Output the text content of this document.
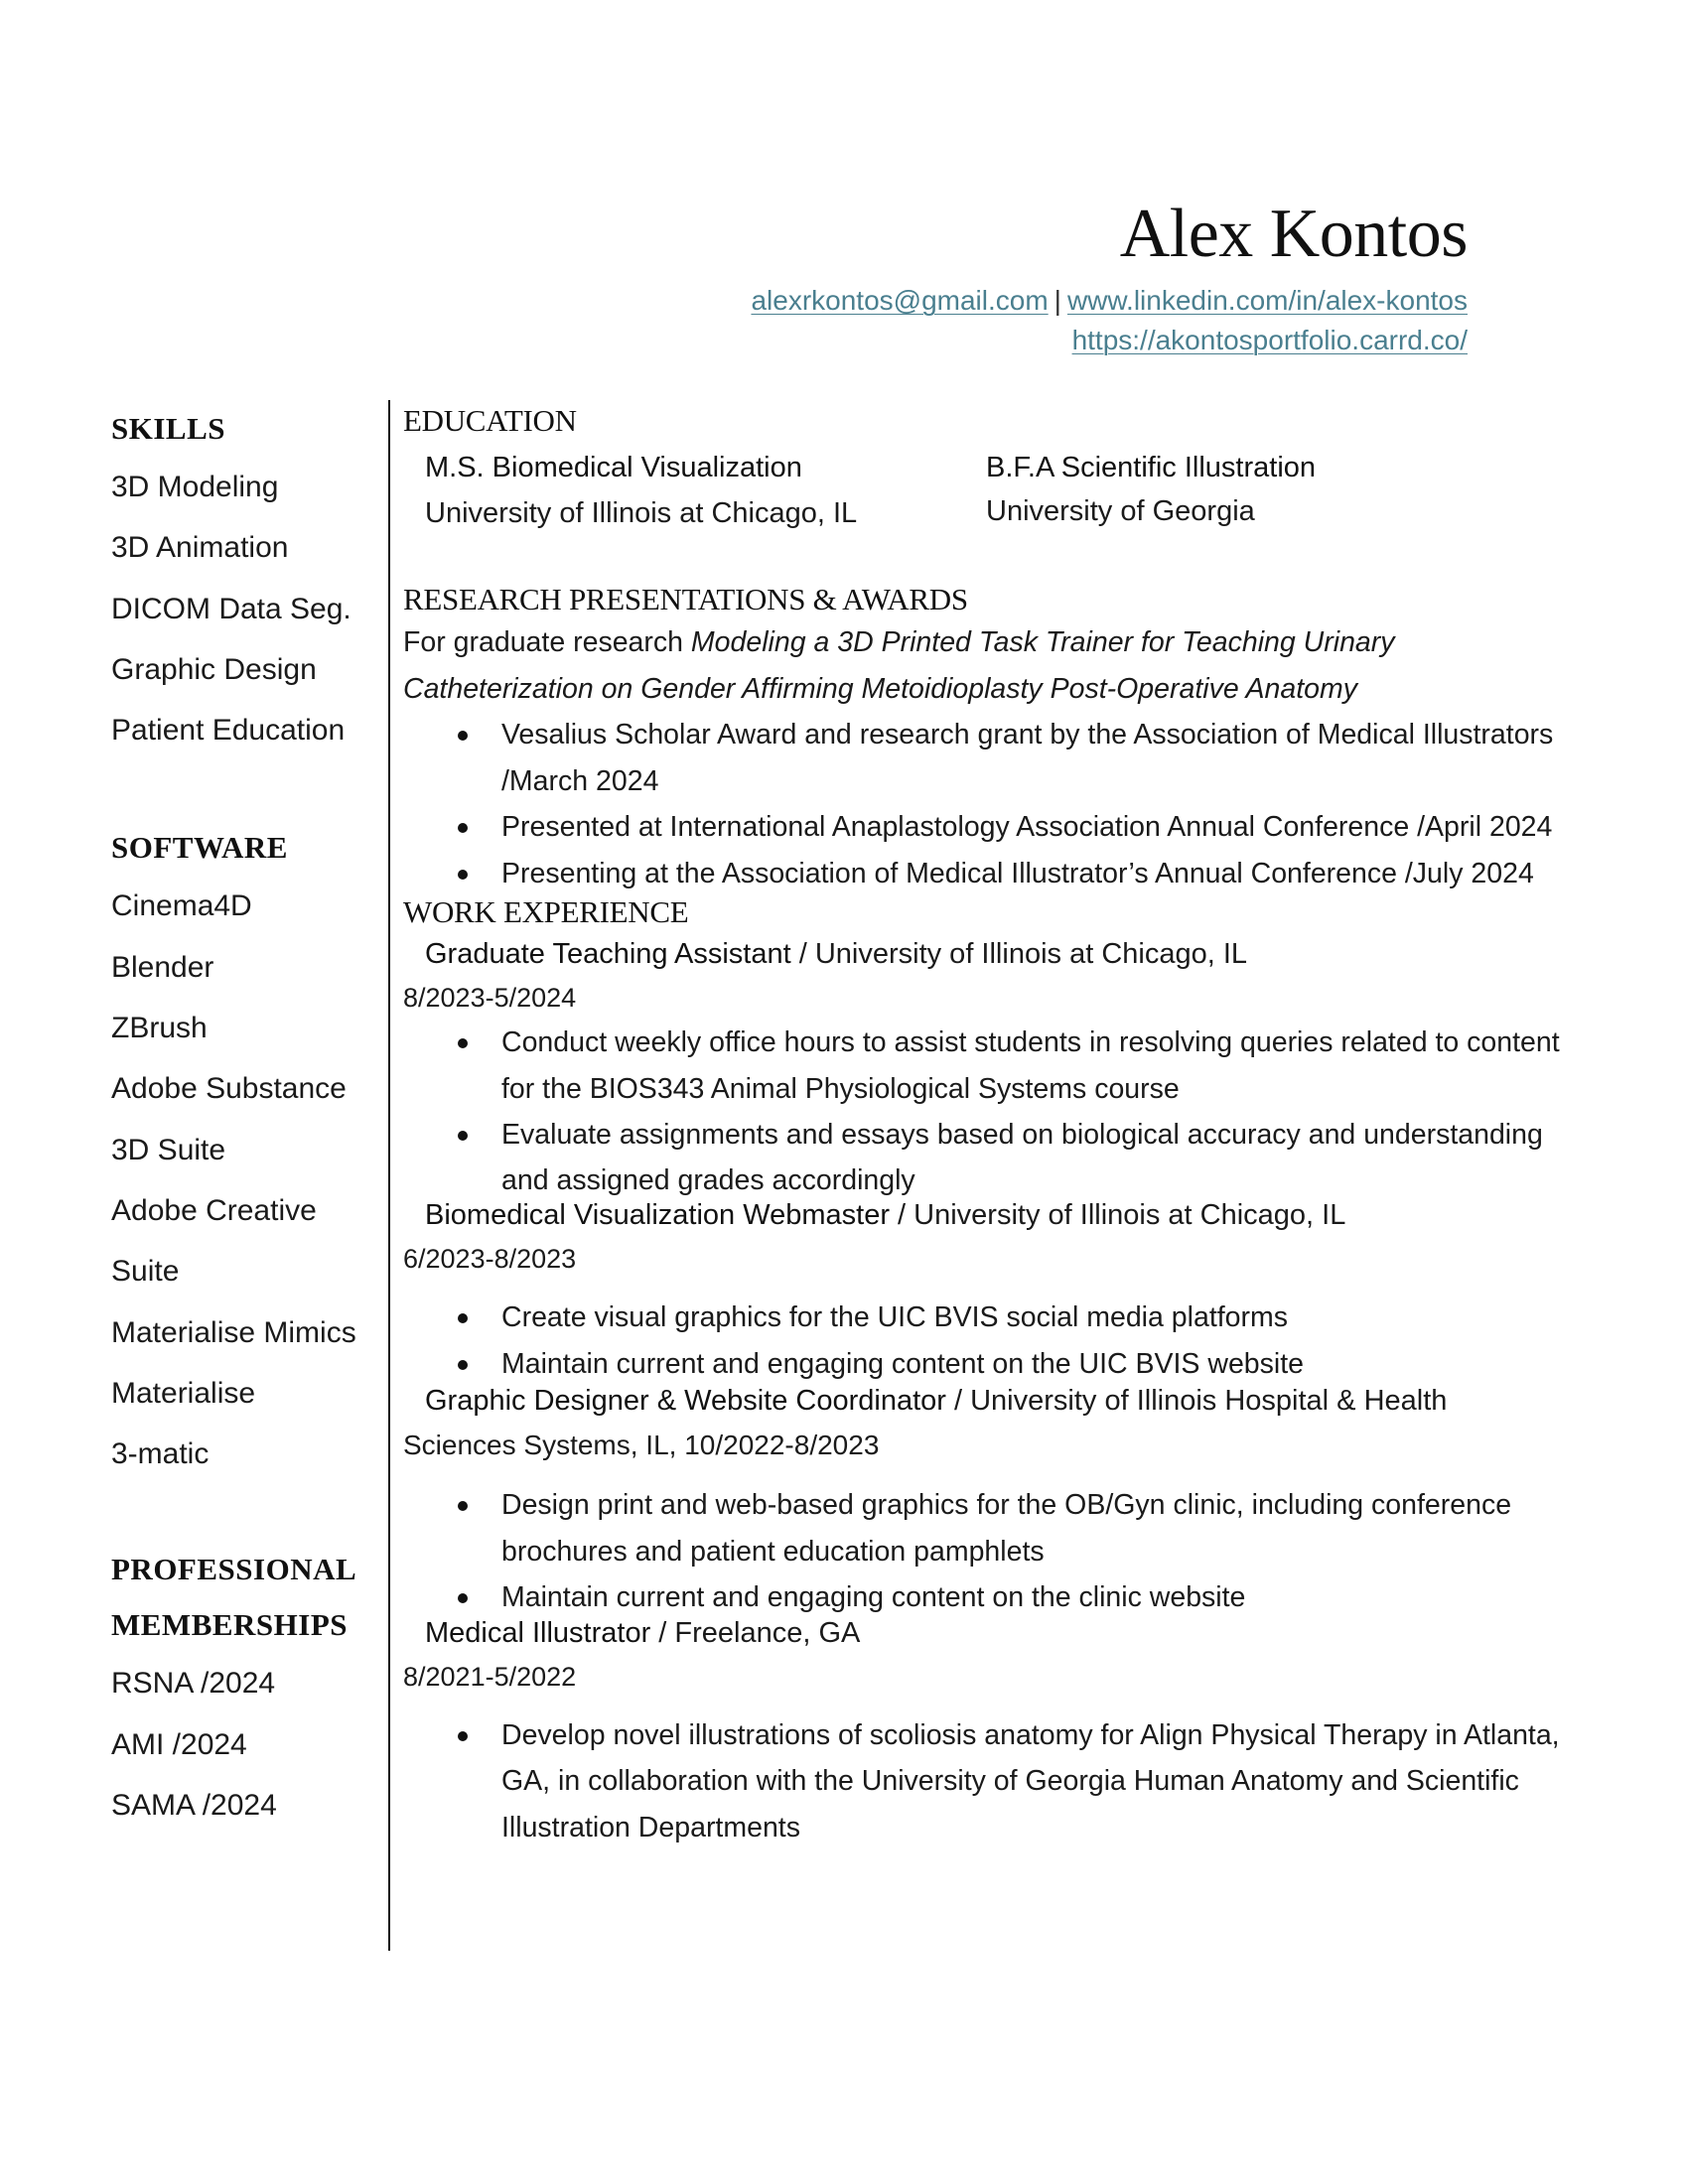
Alex Kontos
alexrkontos@gmail.com | www.linkedin.com/in/alex-kontos
https://akontosportfolio.carrd.co/
SKILLS
3D Modeling
3D Animation
DICOM Data Seg.
Graphic Design
Patient Education
SOFTWARE
Cinema4D
Blender
ZBrush
Adobe Substance
3D Suite
Adobe Creative
Suite
Materialise Mimics
Materialise
3-matic
PROFESSIONAL
MEMBERSHIPS
RSNA /2024
AMI /2024
SAMA /2024
EDUCATION
M.S. Biomedical Visualization
University of Illinois at Chicago, IL
B.F.A Scientific Illustration
University of Georgia
RESEARCH PRESENTATIONS & AWARDS
For graduate research Modeling a 3D Printed Task Trainer for Teaching Urinary Catheterization on Gender Affirming Metoidioplasty Post-Operative Anatomy
Vesalius Scholar Award and research grant by the Association of Medical Illustrators /March 2024
Presented at International Anaplastology Association Annual Conference /April 2024
Presenting at the Association of Medical Illustrator’s Annual Conference /July 2024
WORK EXPERIENCE
Graduate Teaching Assistant / University of Illinois at Chicago, IL
8/2023-5/2024
Conduct weekly office hours to assist students in resolving queries related to content for the BIOS343 Animal Physiological Systems course
Evaluate assignments and essays based on biological accuracy and understanding and assigned grades accordingly
Biomedical Visualization Webmaster / University of Illinois at Chicago, IL
6/2023-8/2023
Create visual graphics for the UIC BVIS social media platforms
Maintain current and engaging content on the UIC BVIS website
Graphic Designer & Website Coordinator / University of Illinois Hospital & Health
Sciences Systems, IL, 10/2022-8/2023
Design print and web-based graphics for the OB/Gyn clinic, including conference brochures and patient education pamphlets
Maintain current and engaging content on the clinic website
Medical Illustrator / Freelance, GA
8/2021-5/2022
Develop novel illustrations of scoliosis anatomy for Align Physical Therapy in Atlanta, GA, in collaboration with the University of Georgia Human Anatomy and Scientific Illustration Departments
